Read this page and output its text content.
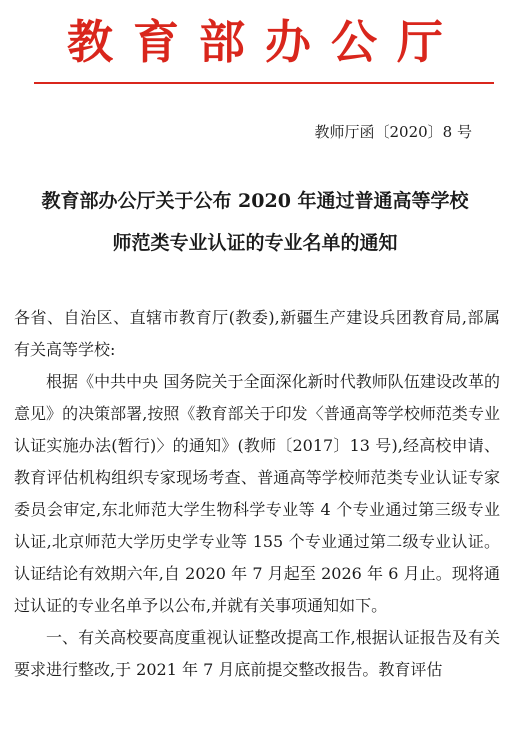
教育部办公厅
教师厅函〔2020〕8 号
教育部办公厅关于公布 2020 年通过普通高等学校
师范类专业认证的专业名单的通知

各省、自治区、直辖市教育厅(教委),新疆生产建设兵团教育局,部属有关高等学校:

根据《中共中央 国务院关于全面深化新时代教师队伍建设改革的意见》的决策部署,按照《教育部关于印发〈普通高等学校师范类专业认证实施办法(暂行)〉的通知》(教师〔2017〕13 号),经高校申请、教育评估机构组织专家现场考查、普通高等学校师范类专业认证专家委员会审定,东北师范大学生物科学专业等 4 个专业通过第三级专业认证,北京师范大学历史学专业等 155 个专业通过第二级专业认证。认证结论有效期六年,自 2020 年 7 月起至 2026 年 6 月止。现将通过认证的专业名单予以公布,并就有关事项通知如下。

一、有关高校要高度重视认证整改提高工作,根据认证报告及有关要求进行整改,于 2021 年 7 月底前提交整改报告。教育评估
